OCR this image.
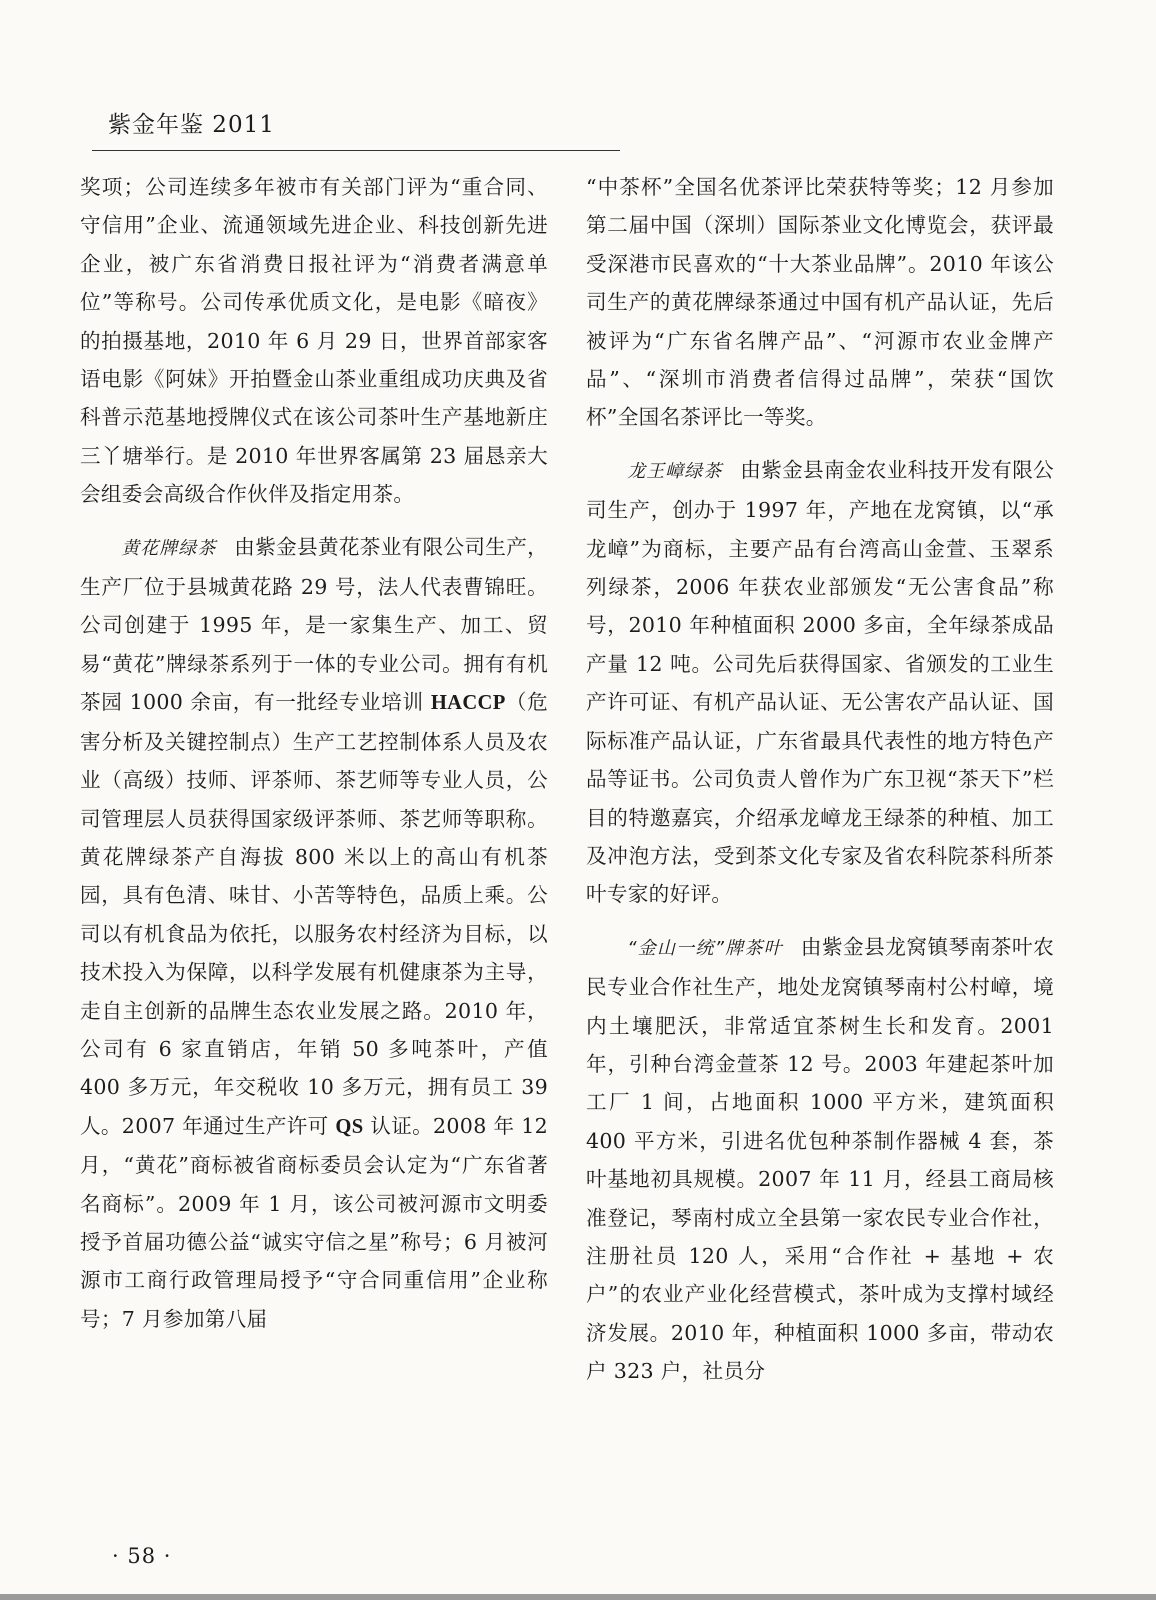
紫金年鉴 2011

奖项；公司连续多年被市有关部门评为“重合同、守信用”企业、流通领域先进企业、科技创新先进企业，被广东省消费日报社评为“消费者满意单位”等称号。公司传承优质文化，是电影《暗夜》的拍摄基地，2010 年 6 月 29 日，世界首部家客语电影《阿妹》开拍暨金山茶业重组成功庆典及省科普示范基地授牌仪式在该公司茶叶生产基地新庄三丫塘举行。是 2010 年世界客属第 23 届恳亲大会组委会高级合作伙伴及指定用茶。

黄花牌绿茶 由紫金县黄花茶业有限公司生产，生产厂位于县城黄花路 29 号，法人代表曹锦旺。公司创建于 1995 年，是一家集生产、加工、贸易“黄花”牌绿茶系列于一体的专业公司。拥有有机茶园 1000 余亩，有一批经专业培训 HACCP（危害分析及关键控制点）生产工艺控制体系人员及农业（高级）技师、评茶师、茶艺师等专业人员，公司管理层人员获得国家级评茶师、茶艺师等职称。黄花牌绿茶产自海拔 800 米以上的高山有机茶园，具有色清、味甘、小苦等特色，品质上乘。公司以有机食品为依托，以服务农村经济为目标，以技术投入为保障，以科学发展有机健康茶为主导，走自主创新的品牌生态农业发展之路。2010 年，公司有 6 家直销店，年销 50 多吨茶叶，产值 400 多万元，年交税收 10 多万元，拥有员工 39 人。2007 年通过生产许可 QS 认证。2008 年 12 月，“黄花”商标被省商标委员会认定为“广东省著名商标”。2009 年 1 月，该公司被河源市文明委授予首届功德公益“诚实守信之星”称号；6 月被河源市工商行政管理局授予“守合同重信用”企业称号；7 月参加第八届

“中茶杯”全国名优茶评比荣获特等奖；12 月参加第二届中国（深圳）国际茶业文化博览会，获评最受深港市民喜欢的“十大茶业品牌”。2010 年该公司生产的黄花牌绿茶通过中国有机产品认证，先后被评为“广东省名牌产品”、“河源市农业金牌产品”、“深圳市消费者信得过品牌”，荣获“国饮杯”全国名茶评比一等奖。

龙王嶂绿茶 由紫金县南金农业科技开发有限公司生产，创办于 1997 年，产地在龙窝镇，以“承龙嶂”为商标，主要产品有台湾高山金萱、玉翠系列绿茶，2006 年获农业部颁发“无公害食品”称号，2010 年种植面积 2000 多亩，全年绿茶成品产量 12 吨。公司先后获得国家、省颁发的工业生产许可证、有机产品认证、无公害农产品认证、国际标准产品认证，广东省最具代表性的地方特色产品等证书。公司负责人曾作为广东卫视“茶天下”栏目的特邀嘉宾，介绍承龙嶂龙王绿茶的种植、加工及冲泡方法，受到茶文化专家及省农科院茶科所茶叶专家的好评。

“金山一统”牌茶叶 由紫金县龙窝镇琴南茶叶农民专业合作社生产，地处龙窝镇琴南村公村嶂，境内土壤肥沃，非常适宜茶树生长和发育。2001 年，引种台湾金萱茶 12 号。2003 年建起茶叶加工厂 1 间，占地面积 1000 平方米，建筑面积 400 平方米，引进名优包种茶制作器械 4 套，茶叶基地初具规模。2007 年 11 月，经县工商局核准登记，琴南村成立全县第一家农民专业合作社，注册社员 120 人，采用“合作社 + 基地 + 农户”的农业产业化经营模式，茶叶成为支撑村域经济发展。2010 年，种植面积 1000 多亩，带动农户 323 户，社员分

· 58 ·
